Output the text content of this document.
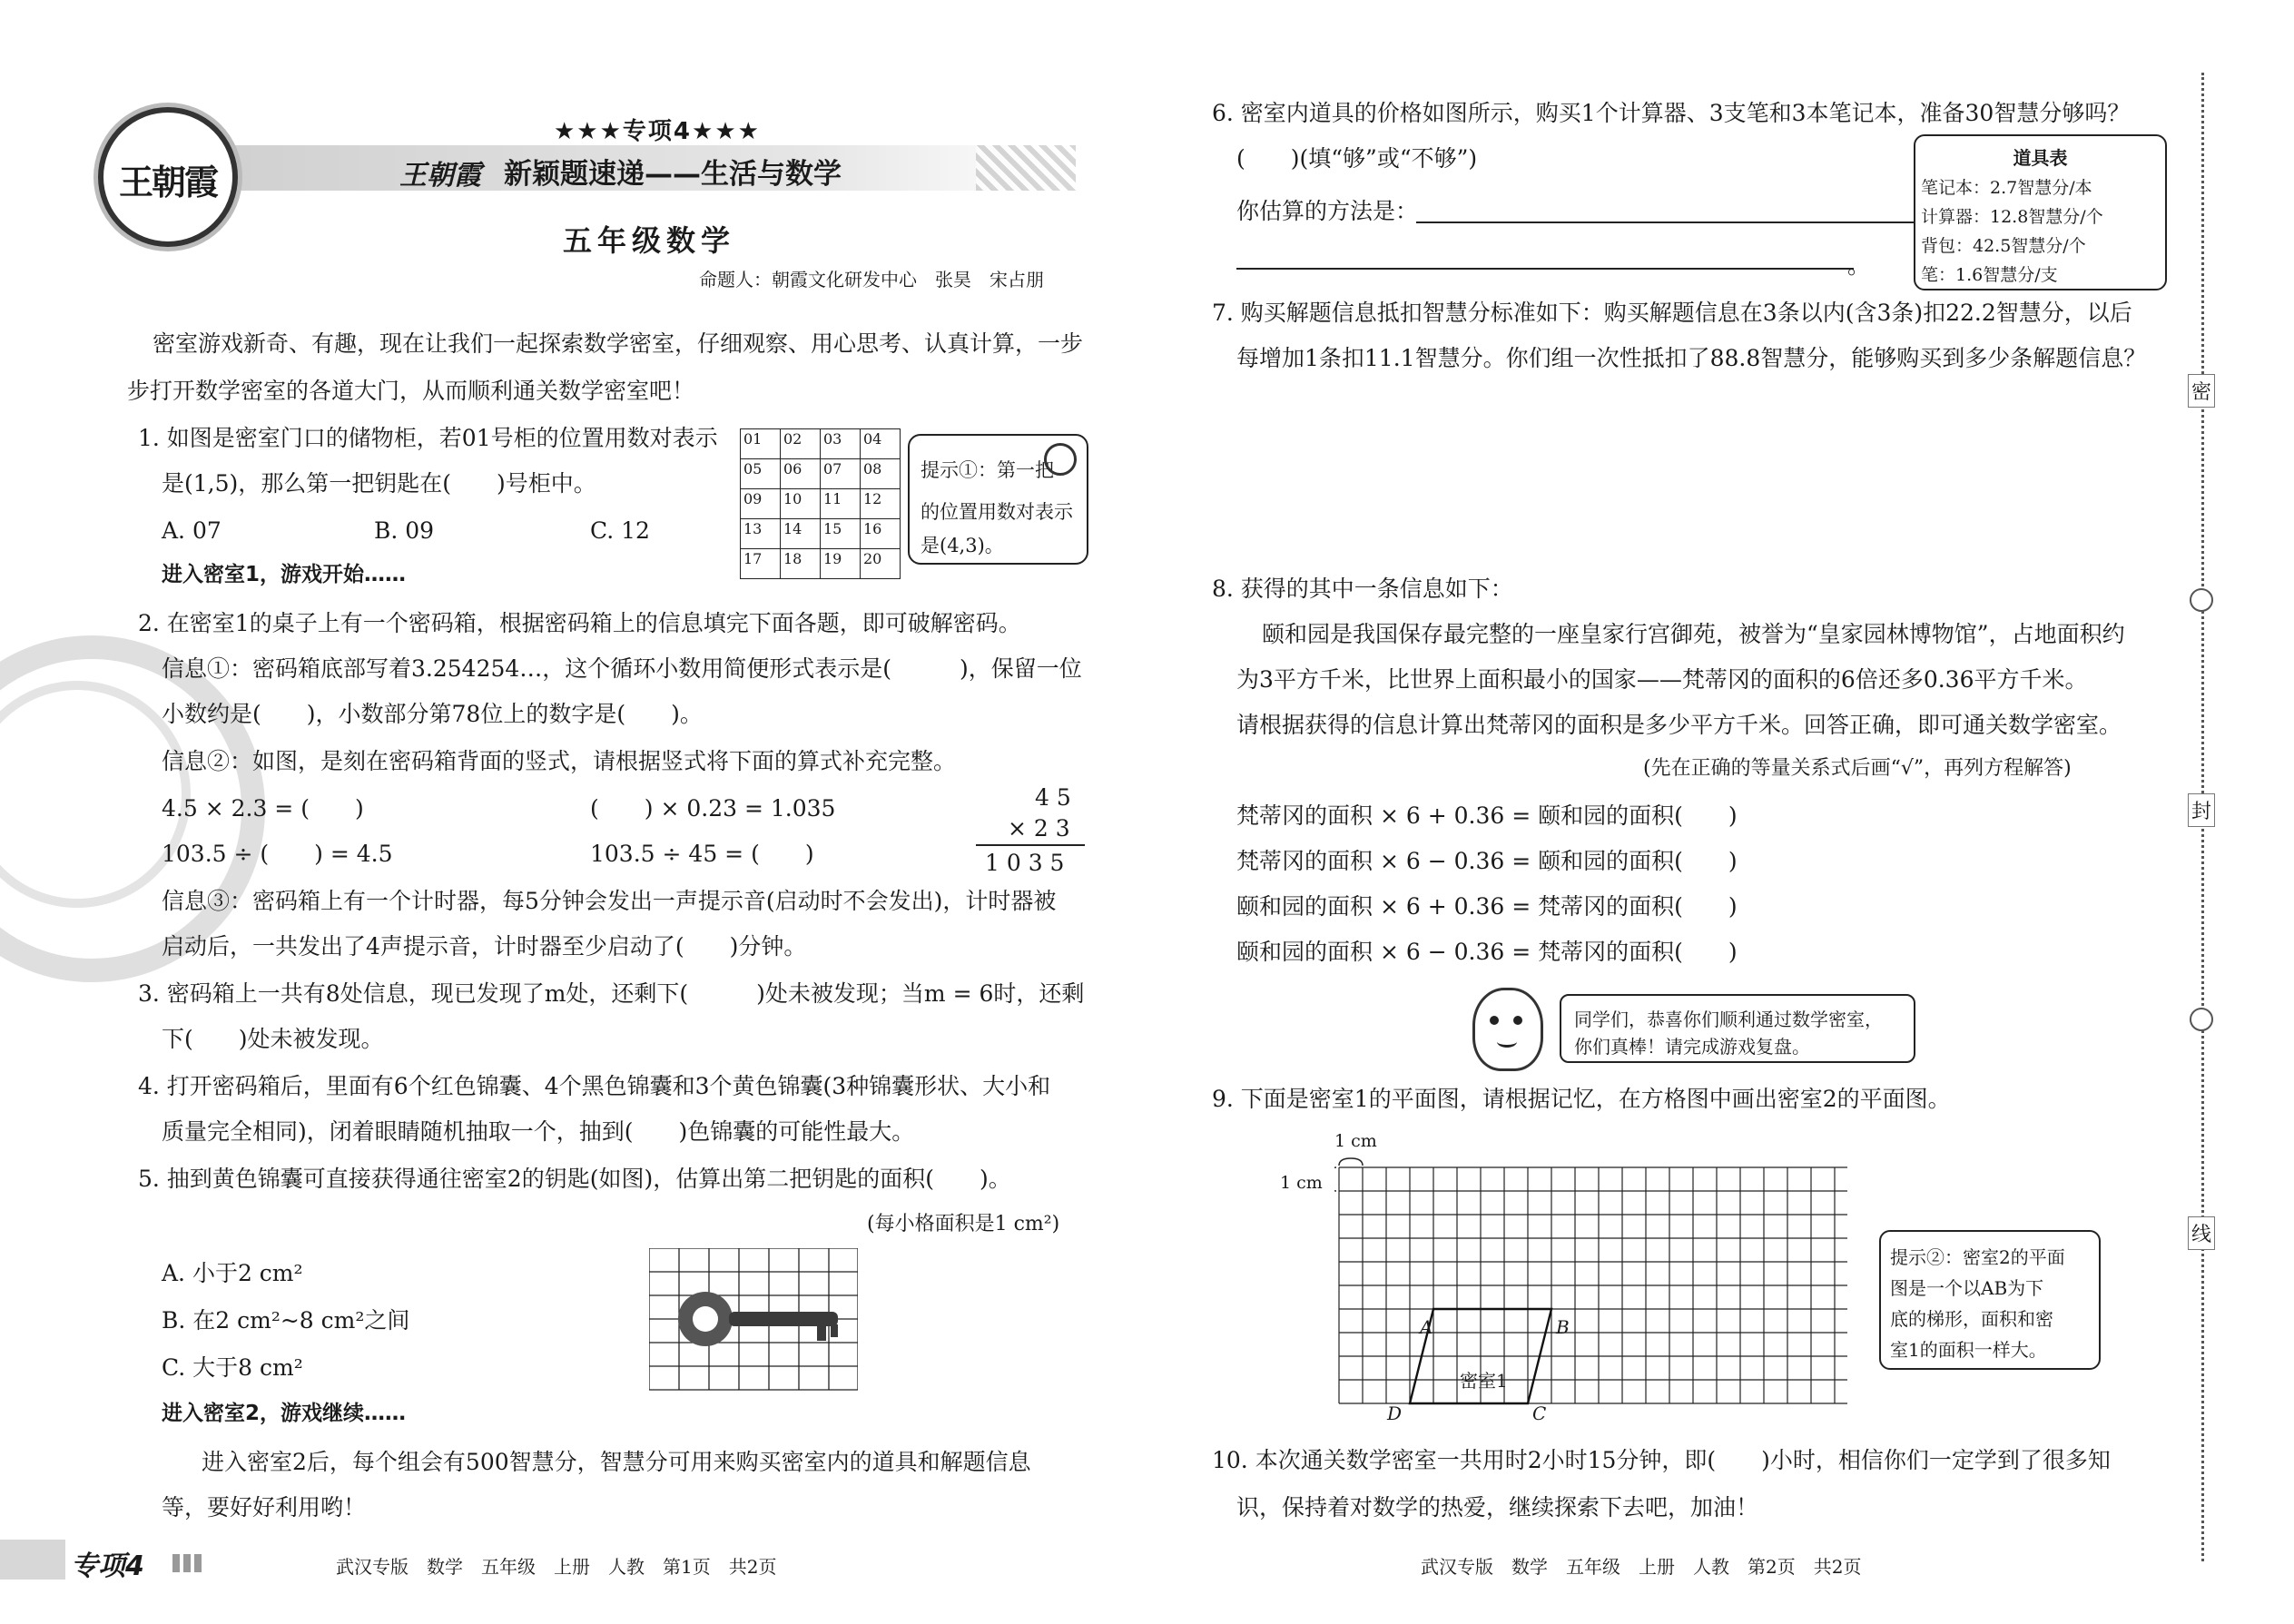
王朝霞
★★★专项4★★★
王朝霞 新颖题速递——生活与数学
五年级数学
命题人：朝霞文化研发中心　张昊　宋占朋
密室游戏新奇、有趣，现在让我们一起探索数学密室，仔细观察、用心思考、认真计算，一步
步打开数学密室的各道大门，从而顺利通关数学密室吧！
1. 如图是密室门口的储物柜，若01号柜的位置用数对表示
是(1,5)，那么第一把钥匙在(　　)号柜中。
A. 07	B. 09	C. 12
01	02	03	04
05	06	07	08
09	10	11	12
13	14	15	16
17	18	19	20
提示①：第一把
的位置用数对表示
是(4,3)。
进入密室1，游戏开始……
2. 在密室1的桌子上有一个密码箱，根据密码箱上的信息填完下面各题，即可破解密码。
信息①：密码箱底部写着3.254254…，这个循环小数用简便形式表示是(　　　)，保留一位
小数约是(　　)，小数部分第78位上的数字是(　　)。
信息②：如图，是刻在密码箱背面的竖式，请根据竖式将下面的算式补充完整。
4.5 × 2.3 = (　　)	(　　) × 0.23 = 1.035
103.5 ÷ (　　) = 4.5	103.5 ÷ 45 = (　　)
4 5
× 2 3
1 0 3 5
信息③：密码箱上有一个计时器，每5分钟会发出一声提示音(启动时不会发出)，计时器被
启动后，一共发出了4声提示音，计时器至少启动了(　　)分钟。
3. 密码箱上一共有8处信息，现已发现了m处，还剩下(　　　)处未被发现；当m = 6时，还剩
下(　　)处未被发现。
4. 打开密码箱后，里面有6个红色锦囊、4个黑色锦囊和3个黄色锦囊(3种锦囊形状、大小和
质量完全相同)，闭着眼睛随机抽取一个，抽到(　　)色锦囊的可能性最大。
5. 抽到黄色锦囊可直接获得通往密室2的钥匙(如图)，估算出第二把钥匙的面积(　　)。
(每小格面积是1 cm²)
A. 小于2 cm²
B. 在2 cm²~8 cm²之间
C. 大于8 cm²
进入密室2，游戏继续……
进入密室2后，每个组会有500智慧分，智慧分可用来购买密室内的道具和解题信息
等，要好好利用哟！
专项4	武汉专版　数学　五年级　上册　人教　第1页　共2页
6. 密室内道具的价格如图所示，购买1个计算器、3支笔和3本笔记本，准备30智慧分够吗？
(　　)(填“够”或“不够”)
你估算的方法是：
。
道具表
笔记本：2.7智慧分/本
计算器：12.8智慧分/个
背包：42.5智慧分/个
笔：1.6智慧分/支
7. 购买解题信息抵扣智慧分标准如下：购买解题信息在3条以内(含3条)扣22.2智慧分，以后
每增加1条扣11.1智慧分。你们组一次性抵扣了88.8智慧分，能够购买到多少条解题信息？
8. 获得的其中一条信息如下：
颐和园是我国保存最完整的一座皇家行宫御苑，被誉为“皇家园林博物馆”，占地面积约
为3平方千米，比世界上面积最小的国家——梵蒂冈的面积的6倍还多0.36平方千米。
请根据获得的信息计算出梵蒂冈的面积是多少平方千米。回答正确，即可通关数学密室。
(先在正确的等量关系式后画“√”，再列方程解答)
梵蒂冈的面积 × 6 + 0.36 = 颐和园的面积(　　)
梵蒂冈的面积 × 6 − 0.36 = 颐和园的面积(　　)
颐和园的面积 × 6 + 0.36 = 梵蒂冈的面积(　　)
颐和园的面积 × 6 − 0.36 = 梵蒂冈的面积(　　)
同学们，恭喜你们顺利通过数学密室，
你们真棒！请完成游戏复盘。
9. 下面是密室1的平面图，请根据记忆，在方格图中画出密室2的平面图。
1 cm
1 cm
A	B
C
D
密室1
提示②：密室2的平面
图是一个以AB为下
底的梯形，面积和密
室1的面积一样大。
10. 本次通关数学密室一共用时2小时15分钟，即(　　)小时，相信你们一定学到了很多知
识，保持着对数学的热爱，继续探索下去吧，加油！
武汉专版　数学　五年级　上册　人教　第2页　共2页
密
封
线
